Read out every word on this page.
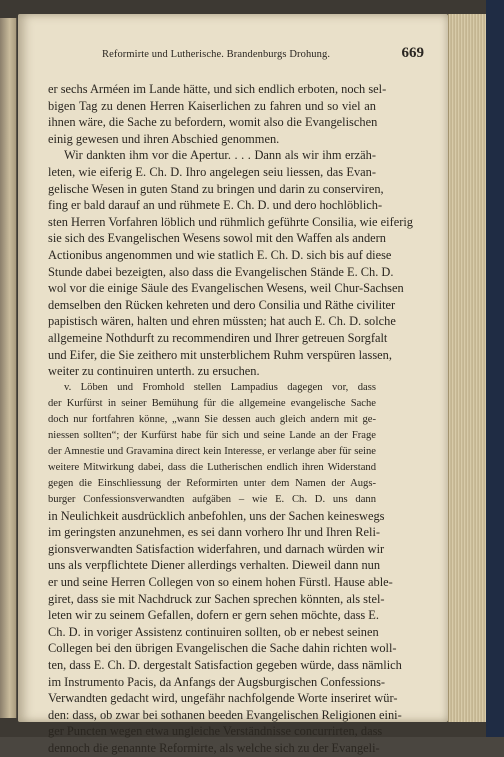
Reformirte und Lutherische. Brandenburgs Drohung.	669
er sechs Arméen im Lande hätte, und sich endlich erboten, noch sel-
bigen Tag zu denen Herren Kaiserlichen zu fahren und so viel an
ihnen wäre, die Sache zu befordern, womit also die Evangelischen
einig gewesen und ihren Abschied genommen.
Wir dankten ihm vor die Apertur. . . . Dann als wir ihm erzäh-
leten, wie eiferig E. Ch. D. Ihro angelegen seiu liessen, das Evan-
gelische Wesen in guten Stand zu bringen und darin zu conserviren,
fing er bald darauf an und rühmete E. Ch. D. und dero hochlöblich-
sten Herren Vorfahren löblich und rühmlich geführte Consilia, wie eiferig
sie sich des Evangelischen Wesens sowol mit den Waffen als andern
Actionibus angenommen und wie statlich E. Ch. D. sich bis auf diese
Stunde dabei bezeigten, also dass die Evangelischen Stände E. Ch. D.
wol vor die einige Säule des Evangelischen Wesens, weil Chur-Sachsen
demselben den Rücken kehreten und dero Consilia und Räthe civiliter
papistisch wären, halten und ehren müssten; hat auch E. Ch. D. solche
allgemeine Nothdurft zu recommendiren und Ihrer getreuen Sorgfalt
und Eifer, die Sie zeithero mit unsterblichem Ruhm verspüren lassen,
weiter zu continuiren unterth. zu ersuchen.
v. Löben und Fromhold stellen Lampadius dagegen vor, dass
der Kurfürst in seiner Bemühung für die allgemeine evangelische Sache
doch nur fortfahren könne, „wann Sie dessen auch gleich andern mit ge-
niessen sollten“; der Kurfürst habe für sich und seine Lande an der Frage
der Amnestie und Gravamina direct kein Interesse, er verlange aber für seine
weitere Mitwirkung dabei, dass die Lutherischen endlich ihren Widerstand
gegen die Einschliessung der Reformirten unter dem Namen der Augs-
burger Confessionsverwandten aufgäben – wie E. Ch. D. uns dann
in Neulichkeit ausdrücklich anbefohlen, uns der Sachen keineswegs
im geringsten anzunehmen, es sei dann vorhero Ihr und Ihren Reli-
gionsverwandten Satisfaction widerfahren, und darnach würden wir
uns als verpflichtete Diener allerdings verhalten. Dieweil dann nun
er und seine Herren Collegen von so einem hohen Fürstl. Hause able-
giret, dass sie mit Nachdruck zur Sachen sprechen könnten, als stel-
leten wir zu seinem Gefallen, dofern er gern sehen möchte, dass E.
Ch. D. in voriger Assistenz continuiren sollten, ob er nebest seinen
Collegen bei den übrigen Evangelischen die Sache dahin richten woll-
ten, dass E. Ch. D. dergestalt Satisfaction gegeben würde, dass nämlich
im Instrumento Pacis, da Anfangs der Augsburgischen Confessions-
Verwandten gedacht wird, ungefähr nachfolgende Worte inseriret wür-
den: dass, ob zwar bei sothanen beeden Evangelischen Religionen eini-
ger Puncten wegen etwa ungleiche Verständnisse concurrirten, dass
dennoch die genannte Reformirte, als welche sich zu der Evangeli-
